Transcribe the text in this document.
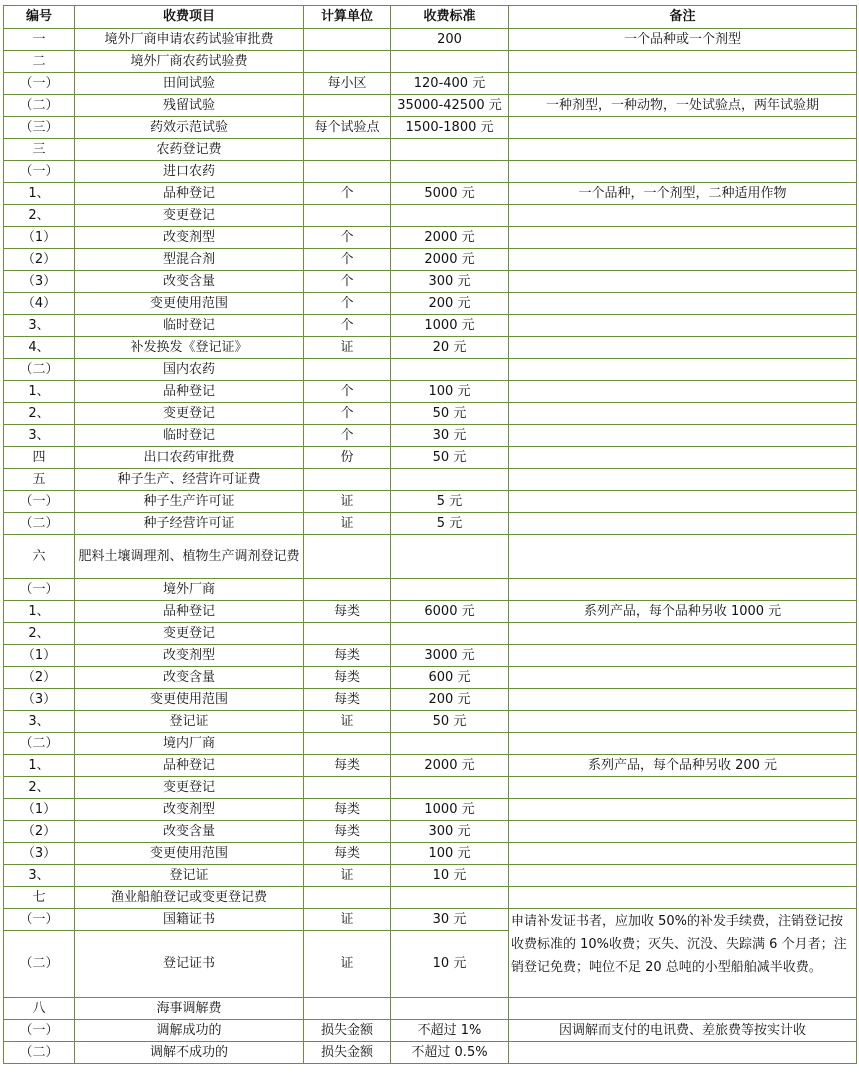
编号	收费项目	计算单位	收费标准	备注
一	境外厂商申请农药试验审批费		200	一个品种或一个剂型
二	境外厂商农药试验费			
（一）	田间试验	每小区	120-400 元	
（二）	残留试验		35000-42500 元	一种剂型，一种动物，一处试验点，两年试验期
（三）	药效示范试验	每个试验点	1500-1800 元	
三	农药登记费			
（一）	进口农药			
1、	品种登记	个	5000 元	一个品种，一个剂型，二种适用作物
2、	变更登记			
（1）	改变剂型	个	2000 元	
（2）	型混合剂	个	2000 元	
（3）	改变含量	个	300 元	
（4）	变更使用范围	个	200 元	
3、	临时登记	个	1000 元	
4、	补发换发《登记证》	证	20 元	
（二）	国内农药			
1、	品种登记	个	100 元	
2、	变更登记	个	50 元	
3、	临时登记	个	30 元	
四	出口农药审批费	份	50 元	
五	种子生产、经营许可证费			
（一）	种子生产许可证	证	5 元	
（二）	种子经营许可证	证	5 元	
六	肥料土壤调理剂、植物生产调剂登记费			
（一）	境外厂商			
1、	品种登记	每类	6000 元	系列产品，每个品种另收 1000 元
2、	变更登记			
（1）	改变剂型	每类	3000 元	
（2）	改变含量	每类	600 元	
（3）	变更使用范围	每类	200 元	
3、	登记证	证	50 元	
（二）	境内厂商			
1、	品种登记	每类	2000 元	系列产品，每个品种另收 200 元
2、	变更登记			
（1）	改变剂型	每类	1000 元	
（2）	改变含量	每类	300 元	
（3）	变更使用范围	每类	100 元	
3、	登记证	证	10 元	
七	渔业船舶登记或变更登记费			
（一）	国籍证书	证	30 元	申请补发证书者，应加收 50%的补发手续费，注销登记按收费标准的 10%收费；灭失、沉没、失踪满 6 个月者；注销登记免费；吨位不足 20 总吨的小型船舶减半收费。
（二）	登记证书	证	10 元	
八	海事调解费			
（一）	调解成功的	损失金额	不超过 1%	因调解而支付的电讯费、差旅费等按实计收
（二）	调解不成功的	损失金额	不超过 0.5%	
